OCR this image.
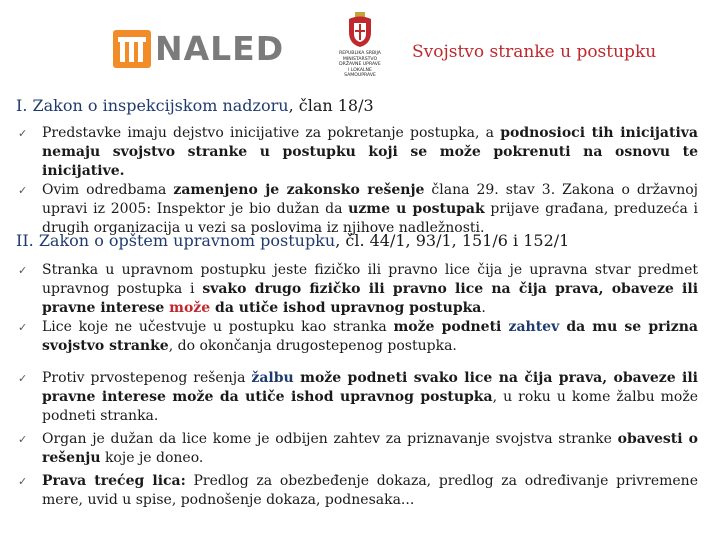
NALED	REPUBLIKA SRBIJA
MINISTARSTVO
DRŽAVNE UPRAVE
I LOKALNE
SAMOUPRAVE
Svojstvo stranke u postupku
I. Zakon o inspekcijskom nadzoru, član 18/3
✓ Predstavke imaju dejstvo inicijative za pokretanje postupka, a podnosioci tih inicijativa nemaju svojstvo stranke u postupku koji se može pokrenuti na osnovu te inicijative.
✓ Ovim odredbama zamenjeno je zakonsko rešenje člana 29. stav 3. Zakona o državnoj upravi iz 2005: Inspektor je bio dužan da uzme u postupak prijave građana, preduzeća i drugih organizacija u vezi sa poslovima iz njihove nadležnosti.
II. Zakon o opštem upravnom postupku, čl. 44/1, 93/1, 151/6 i 152/1
✓ Stranka u upravnom postupku jeste fizičko ili pravno lice čija je upravna stvar predmet upravnog postupka i svako drugo fizičko ili pravno lice na čija prava, obaveze ili pravne interese može da utiče ishod upravnog postupka.
✓ Lice koje ne učestvuje u postupku kao stranka može podneti zahtev da mu se prizna svojstvo stranke, do okončanja drugostepenog postupka.
✓ Protiv prvostepenog rešenja žalbu može podneti svako lice na čija prava, obaveze ili pravne interese može da utiče ishod upravnog postupka, u roku u kome žalbu može podneti stranka.
✓ Organ je dužan da lice kome je odbijen zahtev za priznavanje svojstva stranke obavesti o rešenju koje je doneo.
✓ Prava trećeg lica: Predlog za obezbeđenje dokaza, predlog za određivanje privremene mere, uvid u spise, podnošenje dokaza, podnesaka...
